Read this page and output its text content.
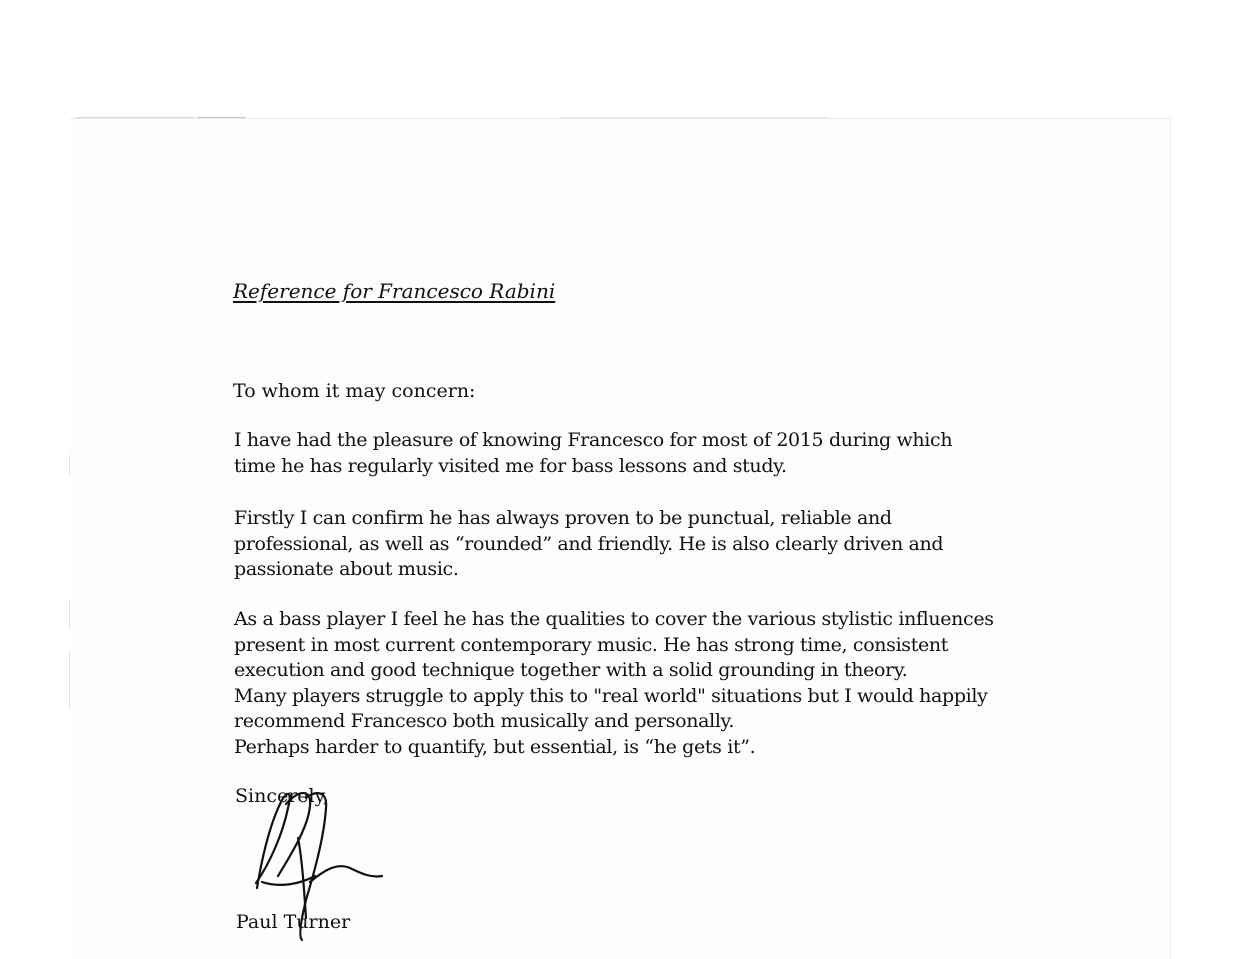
Reference for Francesco Rabini

To whom it may concern:

I have had the pleasure of knowing Francesco for most of 2015 during which
time he has regularly visited me for bass lessons and study.

Firstly I can confirm he has always proven to be punctual, reliable and
professional, as well as “rounded” and friendly. He is also clearly driven and
passionate about music.

As a bass player I feel he has the qualities to cover the various stylistic influences
present in most current contemporary music. He has strong time, consistent
execution and good technique together with a solid grounding in theory.
Many players struggle to apply this to "real world" situations but I would happily
recommend Francesco both musically and personally.
Perhaps harder to quantify, but essential, is “he gets it”.

Sincerely,

Paul Turner
